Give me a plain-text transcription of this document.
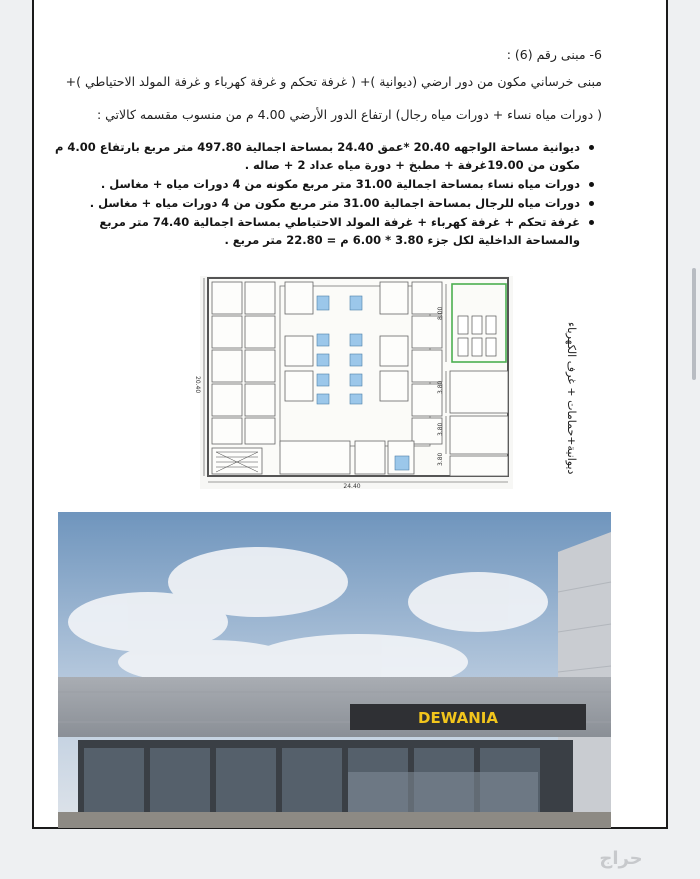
6- مبنى رقم (6) :
مبنى خرساني مكون من دور ارضي (ديوانية )+ ( غرفة تحكم و غرفة كهرباء و غرفة المولد الاحتياطي )+
( دورات مياه نساء + دورات مياه رجال) ارتفاع الدور الأرضي 4.00 م من منسوب مقسمه كالاتي :
ديوانية مساحة الواجهه 20.40 *عمق 24.40 بمساحة اجمالية 497.80 متر مربع بارتفاع 4.00 م مكون من 19.00غرفة + مطبخ + دورة مياه عداد 2 + صاله .
دورات مياه نساء بمساحة اجمالية 31.00 متر مربع مكونه من 4 دورات مياه + مغاسل .
دورات مياه للرجال بمساحة اجمالية 31.00 متر مربع مكون من 4 دورات مياه + مغاسل .
غرفة تحكم + غرفة كهرباء + غرفة المولد الاحتياطي بمساحة اجمالية 74.40 متر مربع والمساحة الداخلية لكل جزء 3.80 * 6.00 م = 22.80 متر مربع .
20.40
24.40
8.00
3.80
3.80
3.80	ديوانية+حمامات + غرف الكهرباء
DEWANIA
حراج
